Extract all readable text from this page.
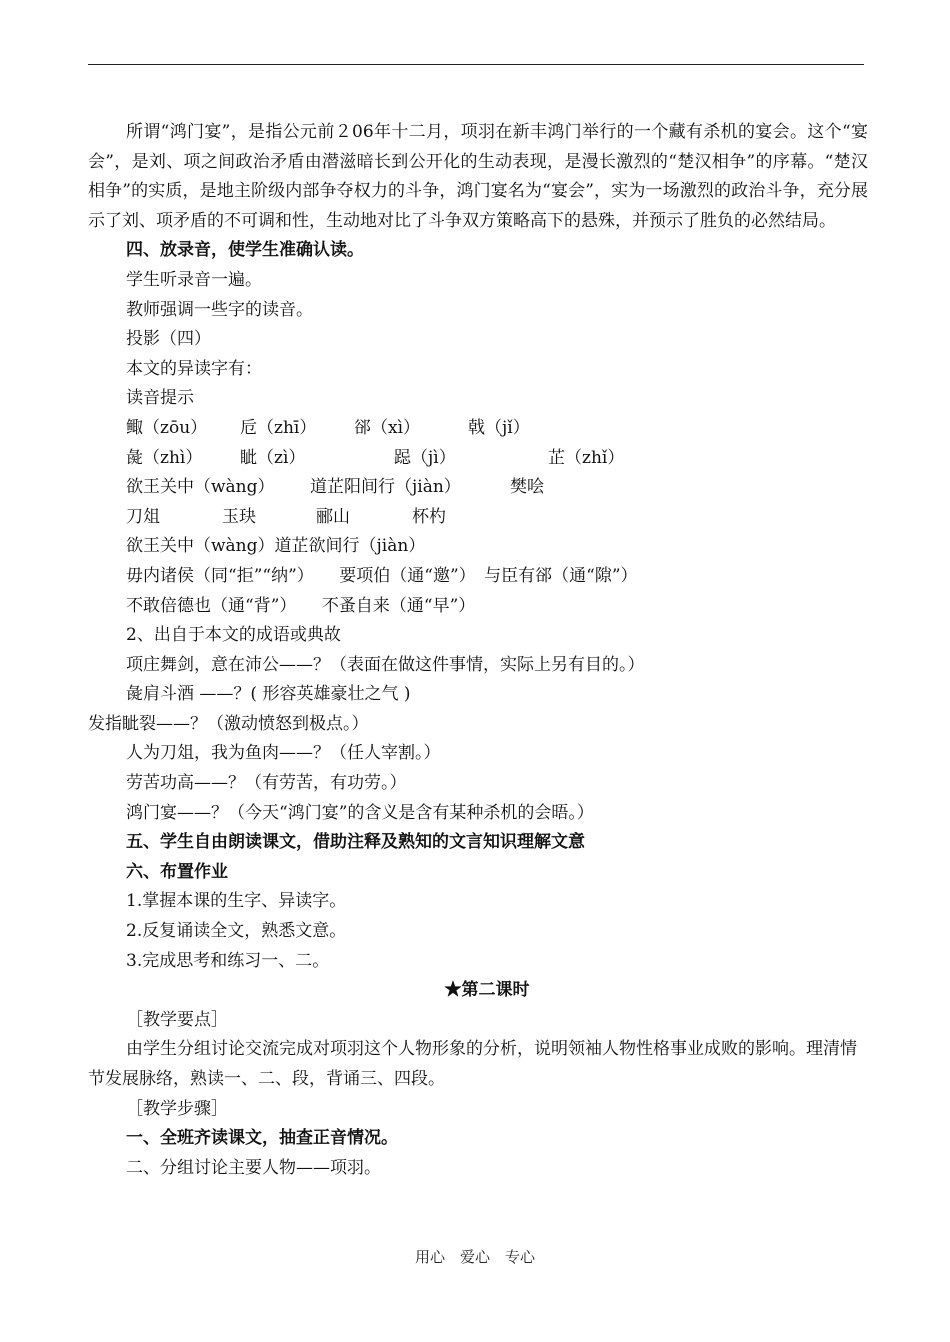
所谓“鸿门宴”，是指公元前２06年十二月，项羽在新丰鸿门举行的一个藏有杀机的宴会。这个“宴会”，是刘、项之间政治矛盾由潜滋暗长到公开化的生动表现，是漫长激烈的“楚汉相争”的序幕。“楚汉相争”的实质，是地主阶级内部争夺权力的斗争，鸿门宴名为“宴会”，实为一场激烈的政治斗争，充分展示了刘、项矛盾的不可调和性，生动地对比了斗争双方策略高下的悬殊，并预示了胜负的必然结局。

四、放录音，使学生准确认读。

学生听录音一遍。

教师强调一些字的读音。

投影（四）

本文的异读字有：

读音提示

鲰（zōu）	卮（zhī）	郤（xì）	戟（jǐ）
彘（zhì）	眦（zì）	跽（jì）	芷（zhǐ）
欲王关中（wàng）	道芷阳间行（jiàn）	樊哙
刀俎	玉玦	郦山	杯杓

欲王关中（wàng）道芷欲间行（jiàn）

毋内诸侯（同“拒”“纳”）　　要项伯（通“邀”）　与臣有郤（通“隙”）

不敢倍德也（通“背”）　　不蚤自来（通“早”）

2、出自于本文的成语或典故

项庄舞剑，意在沛公——？（表面在做这件事情，实际上另有目的。）

彘肩斗酒 ——？( 形容英雄豪壮之气 )

发指眦裂——？（激动愤怒到极点。）

人为刀俎，我为鱼肉——？（任人宰割。）

劳苦功高——？（有劳苦，有功劳。）

鸿门宴——？（今天“鸿门宴”的含义是含有某种杀机的会晤。）

五、学生自由朗读课文，借助注释及熟知的文言知识理解文意

六、布置作业

1.掌握本课的生字、异读字。

2.反复诵读全文，熟悉文意。

3.完成思考和练习一、二。

★第二课时

［教学要点］

由学生分组讨论交流完成对项羽这个人物形象的分析，说明领袖人物性格事业成败的影响。理清情节发展脉络，熟读一、二、段，背诵三、四段。

［教学步骤］

一、全班齐读课文，抽查正音情况。

二、分组讨论主要人物——项羽。

用心　爱心　专心
